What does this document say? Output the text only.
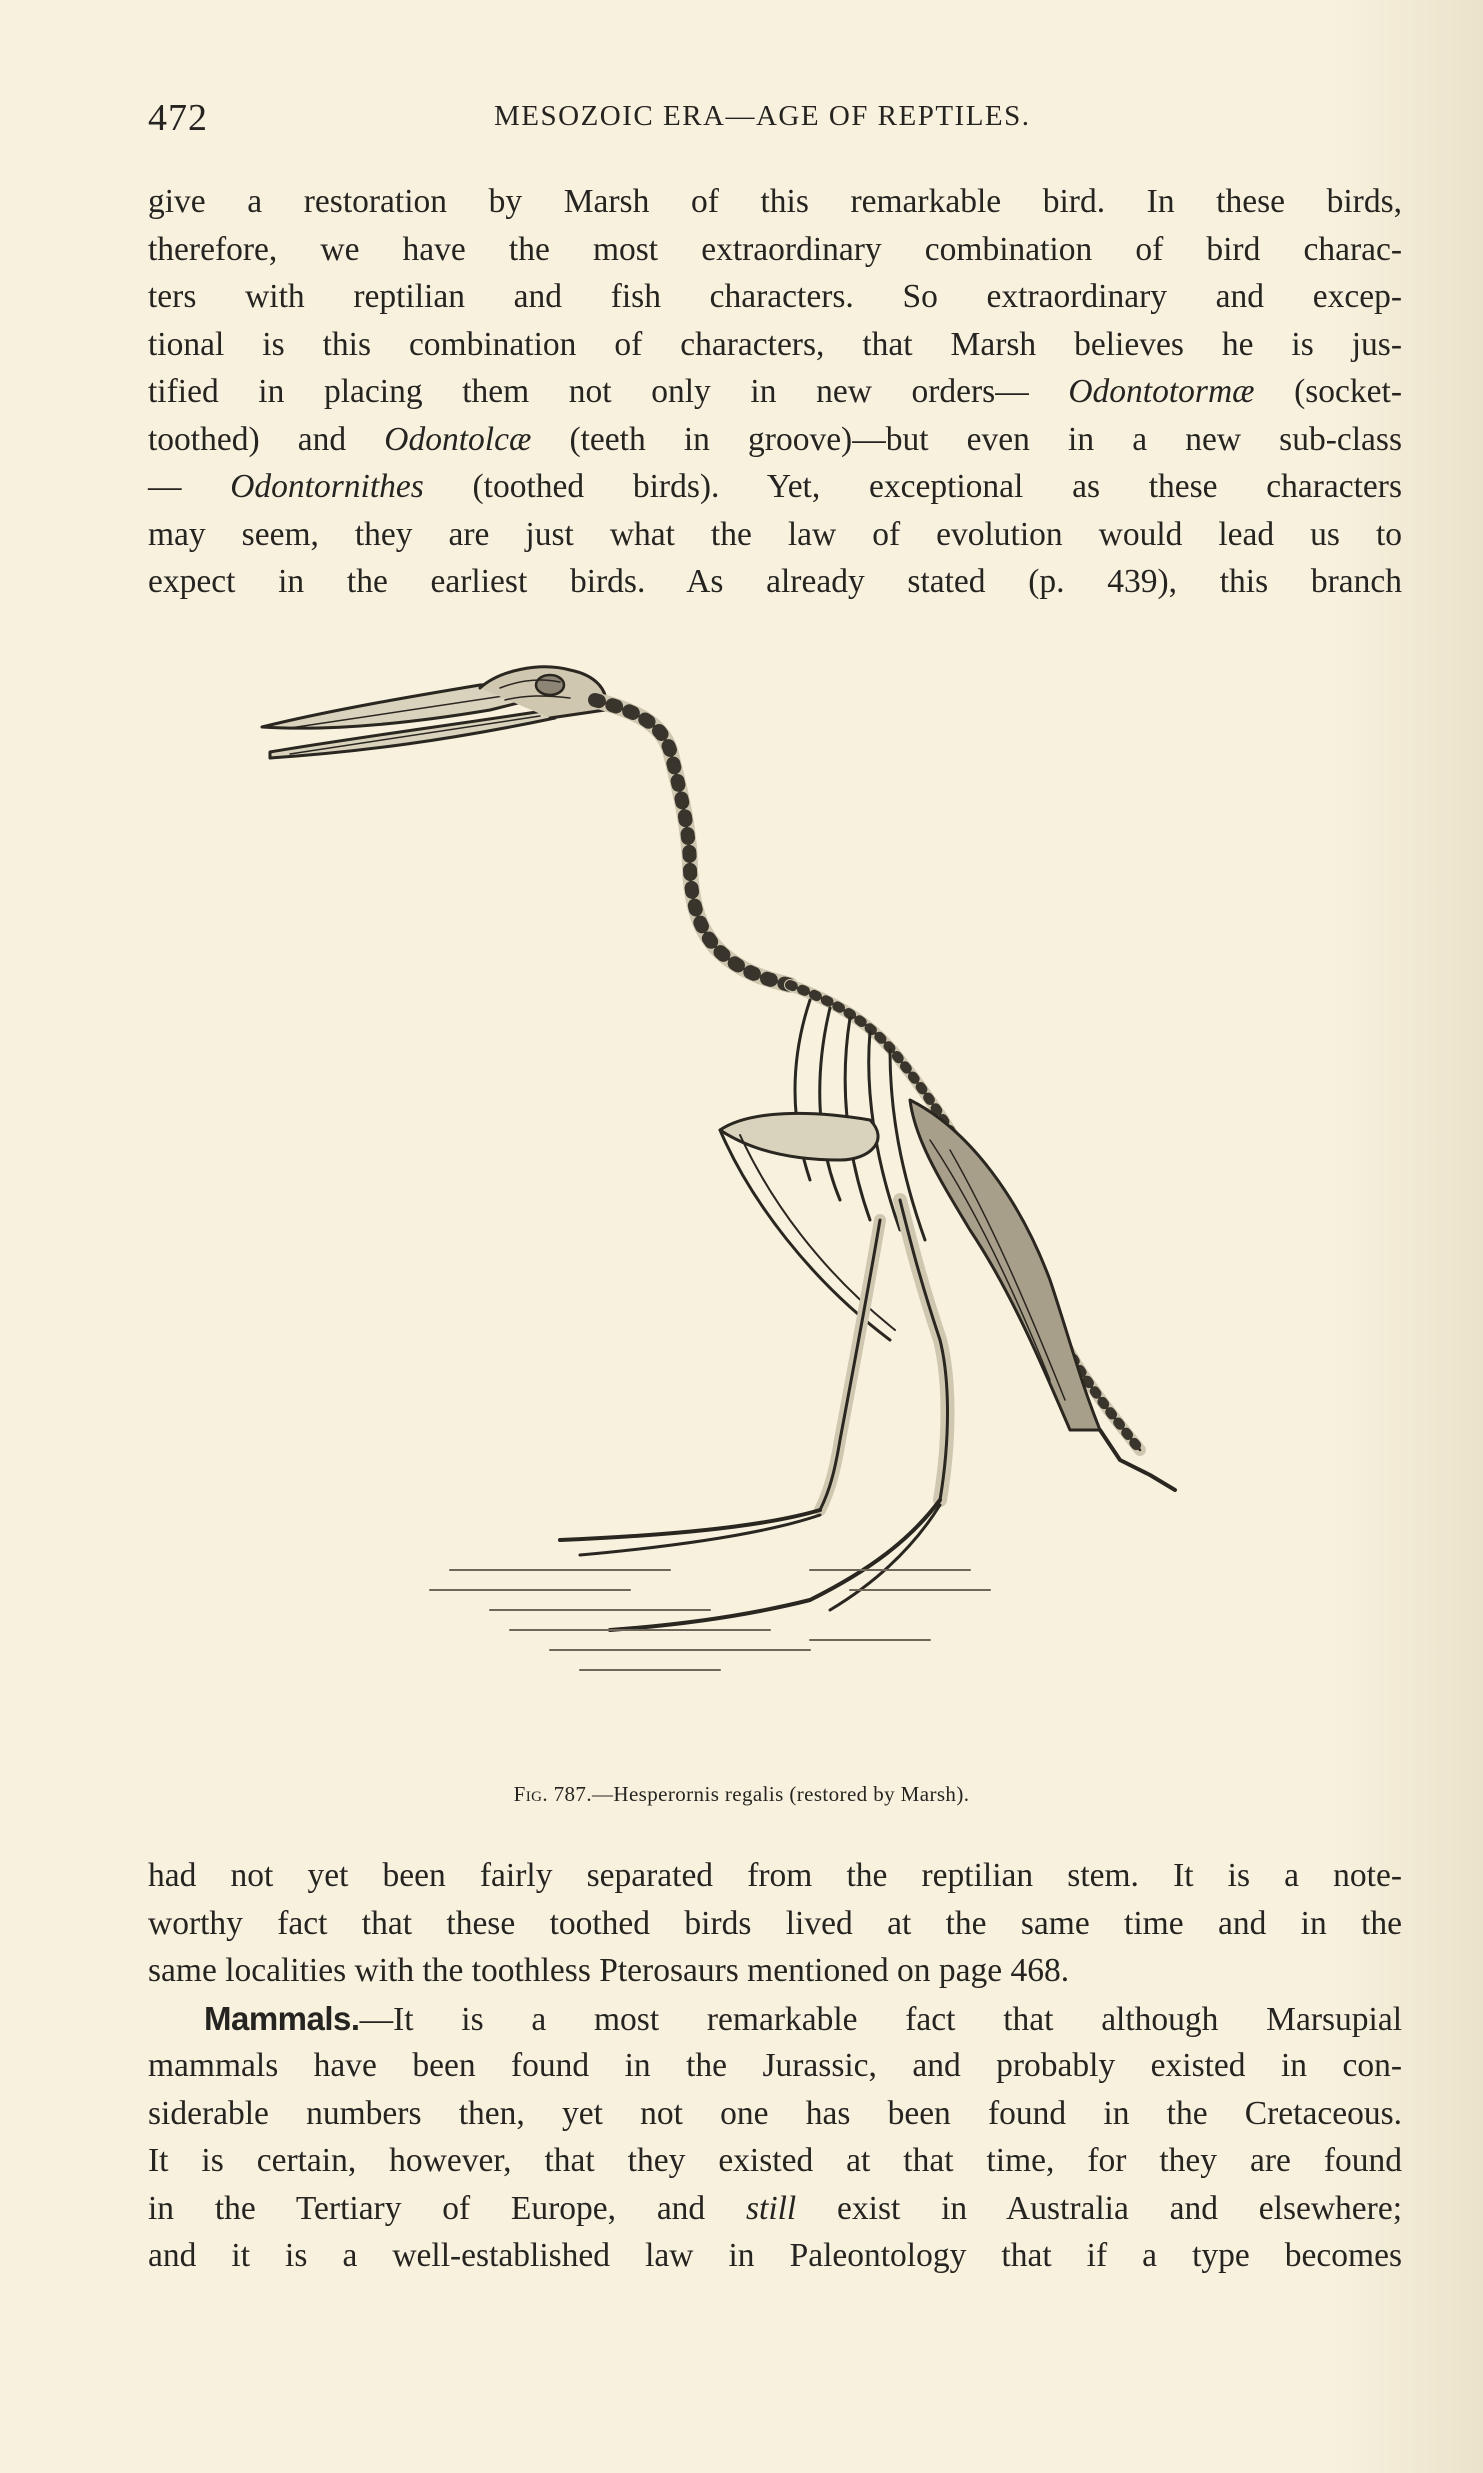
472	MESOZOIC ERA—AGE OF REPTILES.
give a restoration by Marsh of this remarkable bird. In these birds,
therefore, we have the most extraordinary combination of bird charac-
ters with reptilian and fish characters. So extraordinary and excep-
tional is this combination of characters, that Marsh believes he is jus-
tified in placing them not only in new orders— Odontotormæ (socket-
toothed) and Odontolcæ (teeth in groove)—but even in a new sub-class
— Odontornithes (toothed birds). Yet, exceptional as these characters
may seem, they are just what the law of evolution would lead us to
expect in the earliest birds. As already stated (p. 439), this branch
Fig. 787.—Hesperornis regalis (restored by Marsh).
had not yet been fairly separated from the reptilian stem. It is a note-
worthy fact that these toothed birds lived at the same time and in the
same localities with the toothless Pterosaurs mentioned on page 468.
Mammals.—It is a most remarkable fact that although Marsupial
mammals have been found in the Jurassic, and probably existed in con-
siderable numbers then, yet not one has been found in the Cretaceous.
It is certain, however, that they existed at that time, for they are found
in the Tertiary of Europe, and still exist in Australia and elsewhere;
and it is a well-established law in Paleontology that if a type becomes
